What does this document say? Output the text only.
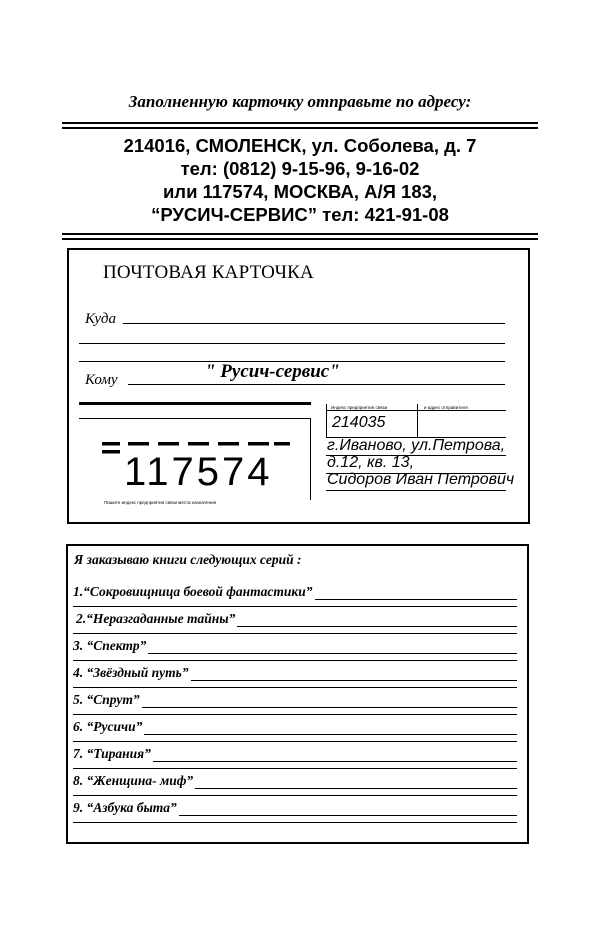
Заполненную карточку отправьте по адресу:
214016, СМОЛЕНСК, ул. Соболева, д. 7
тел: (0812) 9-15-96, 9-16-02
или 117574, МОСКВА, А/Я 183,
“РУСИЧ-СЕРВИС” тел: 421-91-08
ПОЧТОВАЯ КАРТОЧКА
Куда
Кому	" Русич-сервис"
117574
Пишите индекс предприятия связи места назначения
Индекс предприятия связи	и адрес отправителя
214035
г.Иваново, ул.Петрова,
д.12, кв. 13,
Сидоров Иван Петрович
Я заказываю книги следующих серий :
1.“Сокровищница боевой фантастики”
2.“Неразгаданные тайны”
3. “Спектр”
4. “Звёздный путь”
5. “Спрут”
6. “Русичи”
7. “Тирания”
8. “Женщина- миф”
9. “Азбука быта”
